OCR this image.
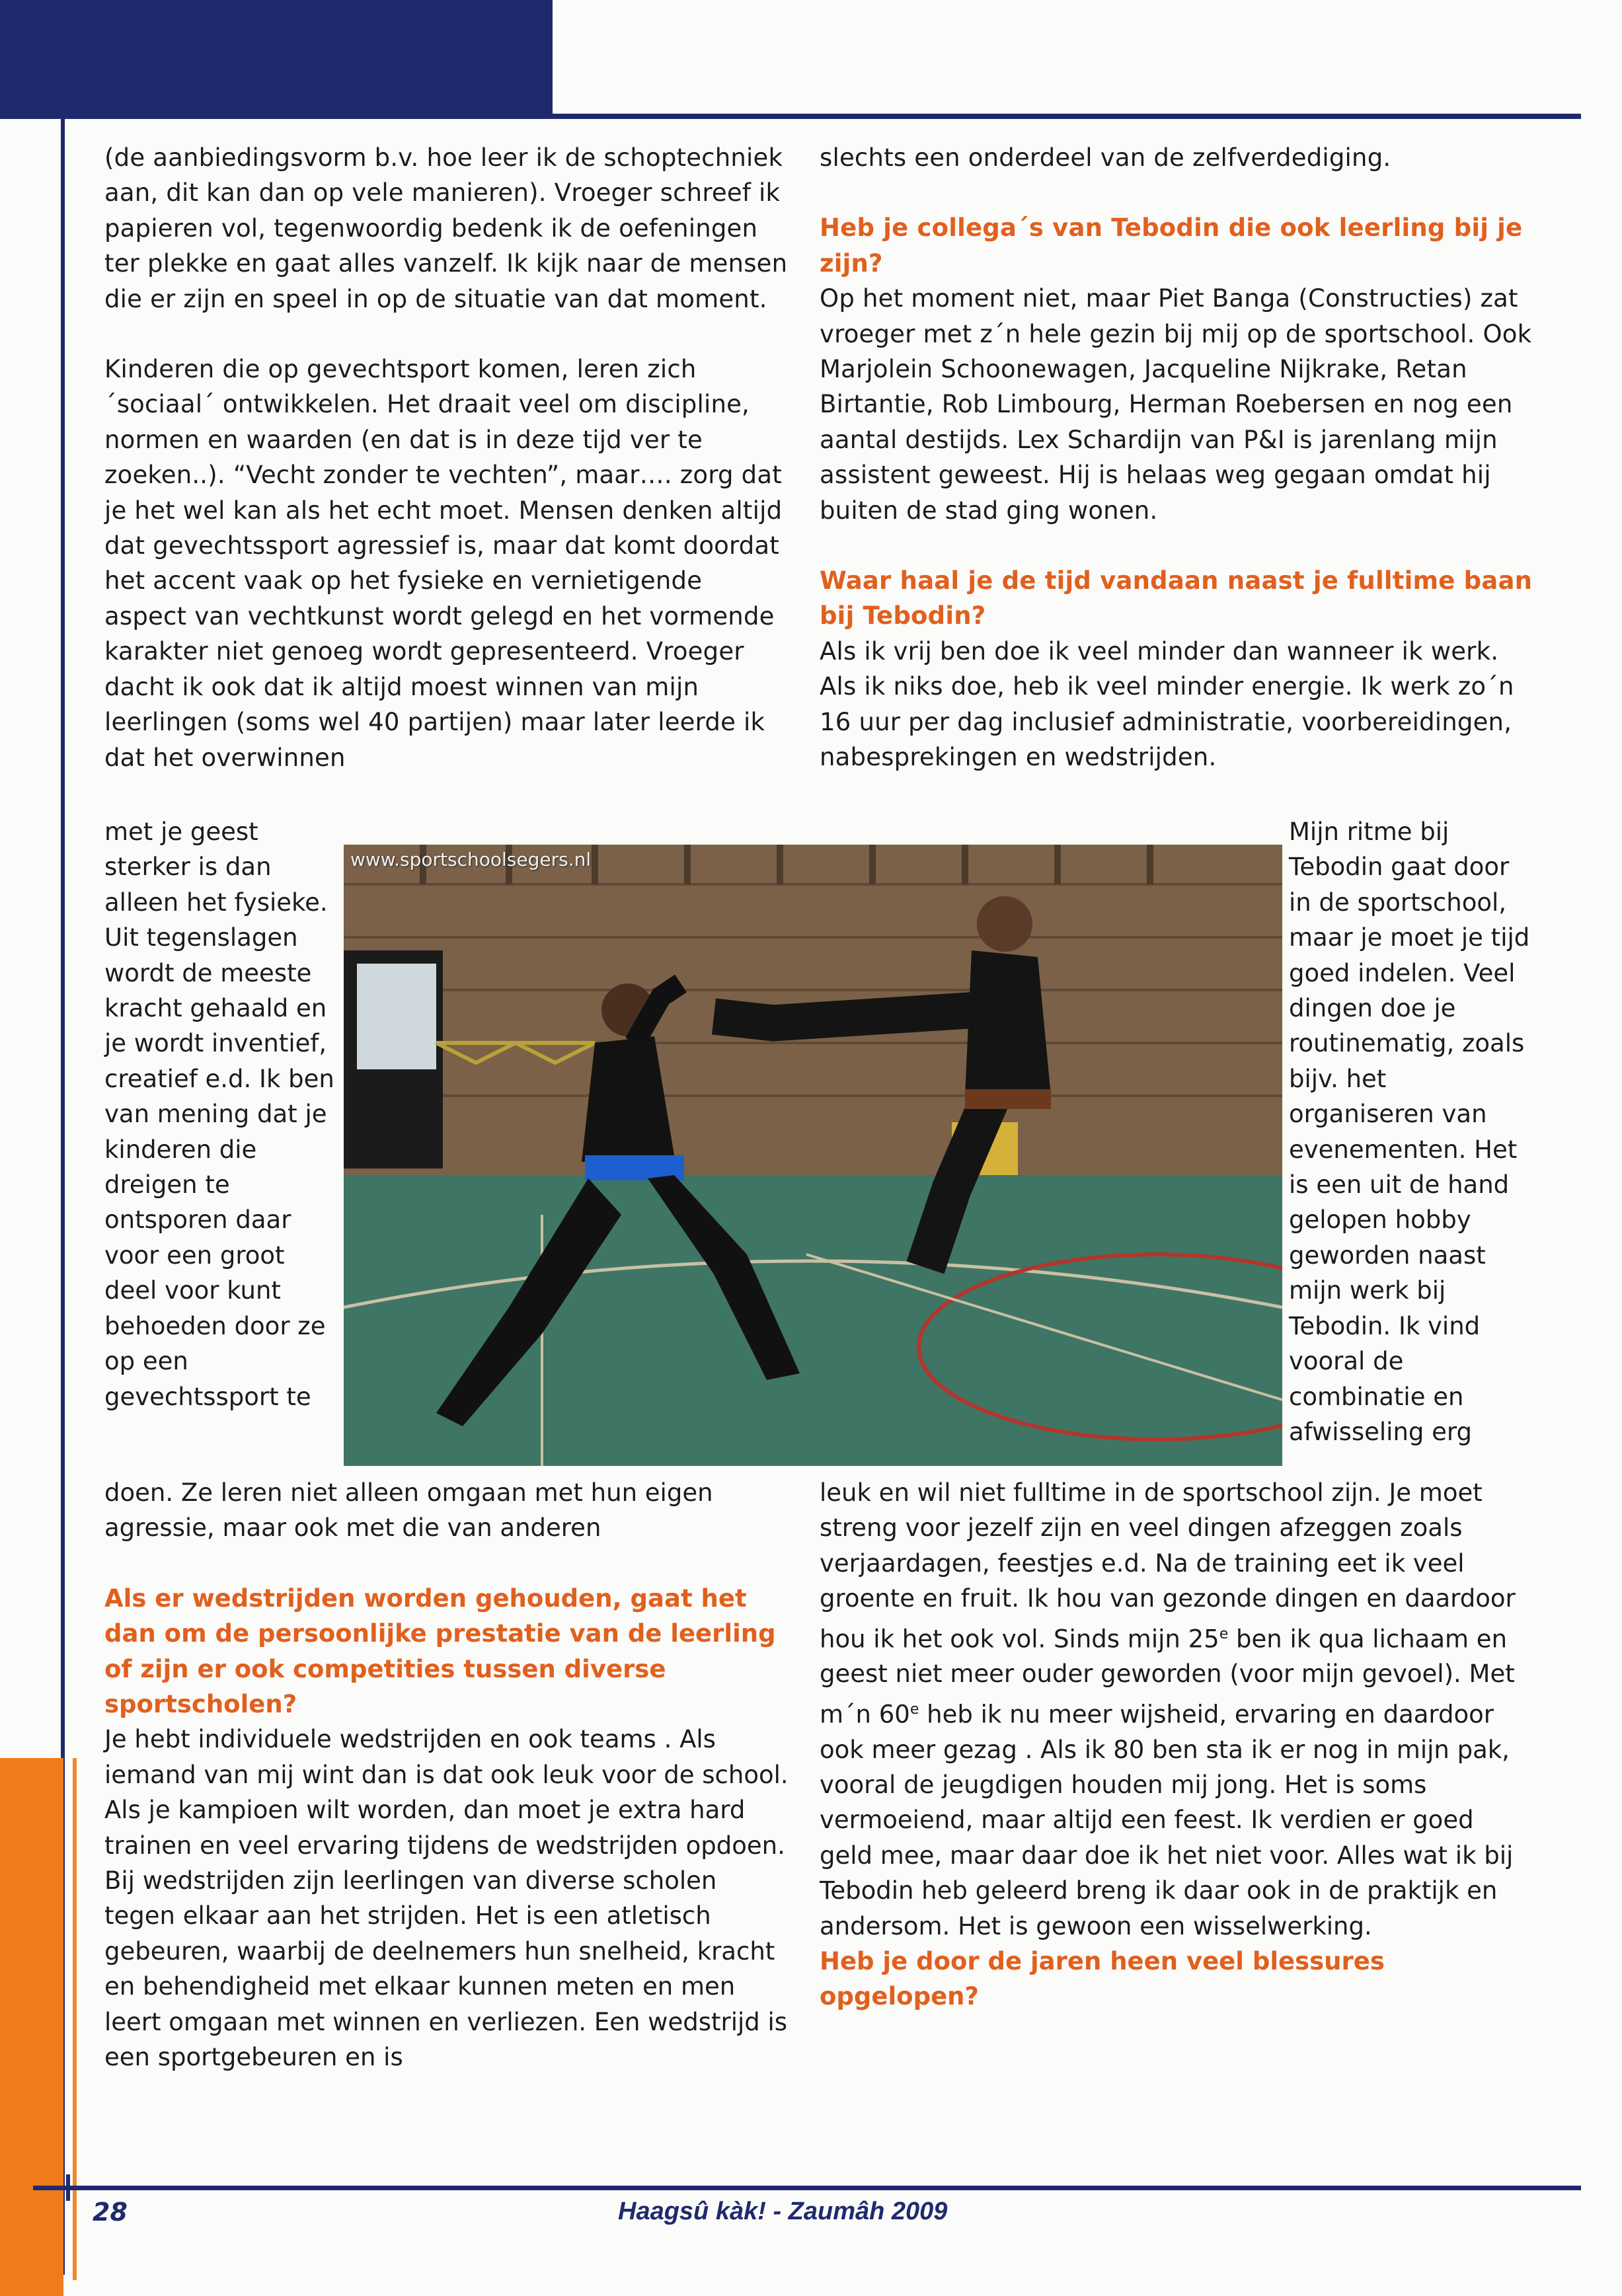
(de aanbiedingsvorm b.v. hoe leer ik de schoptechniek aan, dit kan dan op vele manieren). Vroeger schreef ik papieren vol, tegenwoordig bedenk ik de oefeningen ter plekke en gaat alles vanzelf. Ik kijk naar de mensen die er zijn en speel in op de situatie van dat moment.

Kinderen die op gevechtsport komen, leren zich ´sociaal´ ontwikkelen. Het draait veel om discipline, normen en waarden (en dat is in deze tijd ver te zoeken..). “Vecht zonder te vechten”, maar…. zorg dat je het wel kan als het echt moet. Mensen denken altijd dat gevechtssport agressief is, maar dat komt doordat het accent vaak op het fysieke en vernietigende aspect van vechtkunst wordt gelegd en het vormende karakter niet genoeg wordt gepresenteerd. Vroeger dacht ik ook dat ik altijd moest winnen van mijn leerlingen (soms wel 40 partijen) maar later leerde ik dat het overwinnen

met je geest sterker is dan alleen het fysieke. Uit tegenslagen wordt de meeste kracht gehaald en je wordt inventief, creatief e.d. Ik ben van mening dat je kinderen die dreigen te ontsporen daar voor een groot deel voor kunt behoeden door ze op een gevechtssport te

doen. Ze leren niet alleen omgaan met hun eigen agressie, maar ook met die van anderen

Als er wedstrijden worden gehouden, gaat het dan om de persoonlijke prestatie van de leerling of zijn er ook competities tussen diverse sportscholen?

Je hebt individuele wedstrijden en ook teams . Als iemand van mij wint dan is dat ook leuk voor de school. Als je kampioen wilt worden, dan moet je extra hard trainen en veel ervaring tijdens de wedstrijden opdoen. Bij wedstrijden zijn leerlingen van diverse scholen tegen elkaar aan het strijden. Het is een atletisch gebeuren, waarbij de deelnemers hun snelheid, kracht en behendigheid met elkaar kunnen meten en men leert omgaan met winnen en verliezen. Een wedstrijd is een sportgebeuren en is

slechts een onderdeel van de zelfverdediging.

Heb je collega´s van Tebodin die ook leerling bij je zijn?

Op het moment niet, maar Piet Banga (Constructies) zat vroeger met z´n hele gezin bij mij op de sportschool. Ook Marjolein Schoonewagen, Jacqueline Nijkrake, Retan Birtantie, Rob Limbourg, Herman Roebersen en nog een aantal destijds. Lex Schardijn van P&I is jarenlang mijn assistent geweest. Hij is helaas weg gegaan omdat hij buiten de stad ging wonen.

Waar haal je de tijd vandaan naast je fulltime baan bij Tebodin?

Als ik vrij ben doe ik veel minder dan wanneer ik werk. Als ik niks doe, heb ik veel minder energie. Ik werk zo´n 16 uur per dag inclusief administratie, voorbereidingen, nabesprekingen en wedstrijden.

Mijn ritme bij Tebodin gaat door in de sportschool, maar je moet je tijd goed indelen. Veel dingen doe je routinematig, zoals bijv. het organiseren van evenementen. Het is een uit de hand gelopen hobby geworden naast mijn werk bij Tebodin. Ik vind vooral de combinatie en afwisseling erg

leuk en wil niet fulltime in de sportschool zijn. Je moet streng voor jezelf zijn en veel dingen afzeggen zoals verjaardagen, feestjes e.d. Na de training eet ik veel groente en fruit. Ik hou van gezonde dingen en daardoor hou ik het ook vol. Sinds mijn 25e ben ik qua lichaam en geest niet meer ouder geworden (voor mijn gevoel). Met m´n 60e heb ik nu meer wijsheid, ervaring en daardoor ook meer gezag . Als ik 80 ben sta ik er nog in mijn pak, vooral de jeugdigen houden mij jong. Het is soms vermoeiend, maar altijd een feest. Ik verdien er goed geld mee, maar daar doe ik het niet voor. Alles wat ik bij Tebodin heb geleerd breng ik daar ook in de praktijk en andersom. Het is gewoon een wisselwerking.

Heb je door de jaren heen veel blessures opgelopen?

www.sportschoolsegers.nl
28	Haagsû kàk! - Zaumâh 2009
